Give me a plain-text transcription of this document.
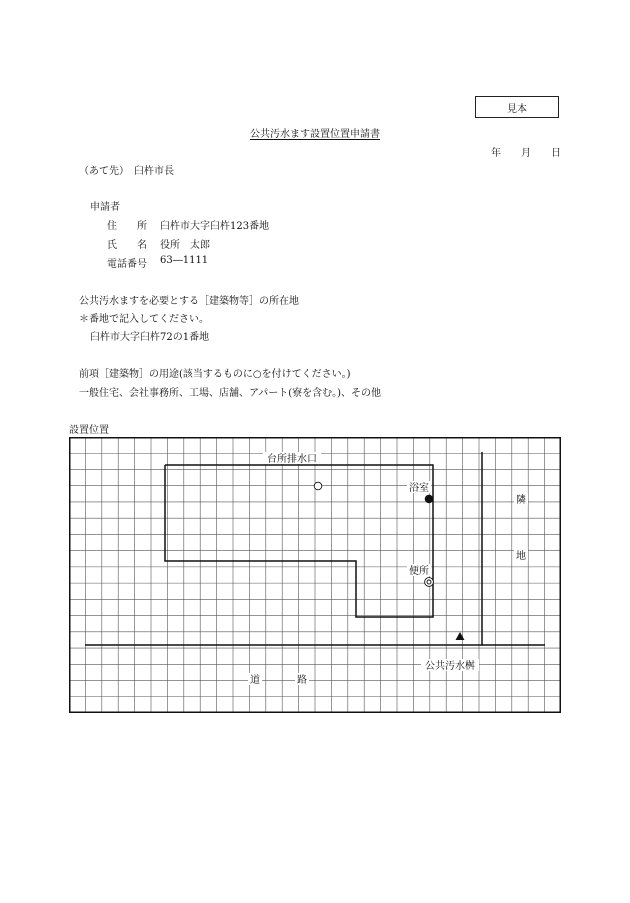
見本
公共汚水ます設置位置申請書
年 月 日
（あて先）　臼杵市長
申請者
住　　所 臼杵市大字臼杵123番地
氏　　名 役所　太郎
電話番号 63―1111
公共汚水ますを必要とする［建築物等］の所在地
＊番地で記入してください。
臼杵市大字臼杵72の1番地
前項［建築物］の用途(該当するものに○を付けてください。)
一般住宅、会社事務所、工場、店舗、アパート(寮を含む。)、その他
設置位置
台所排水口
浴室
便所
隣
地
公共汚水桝
道	路
